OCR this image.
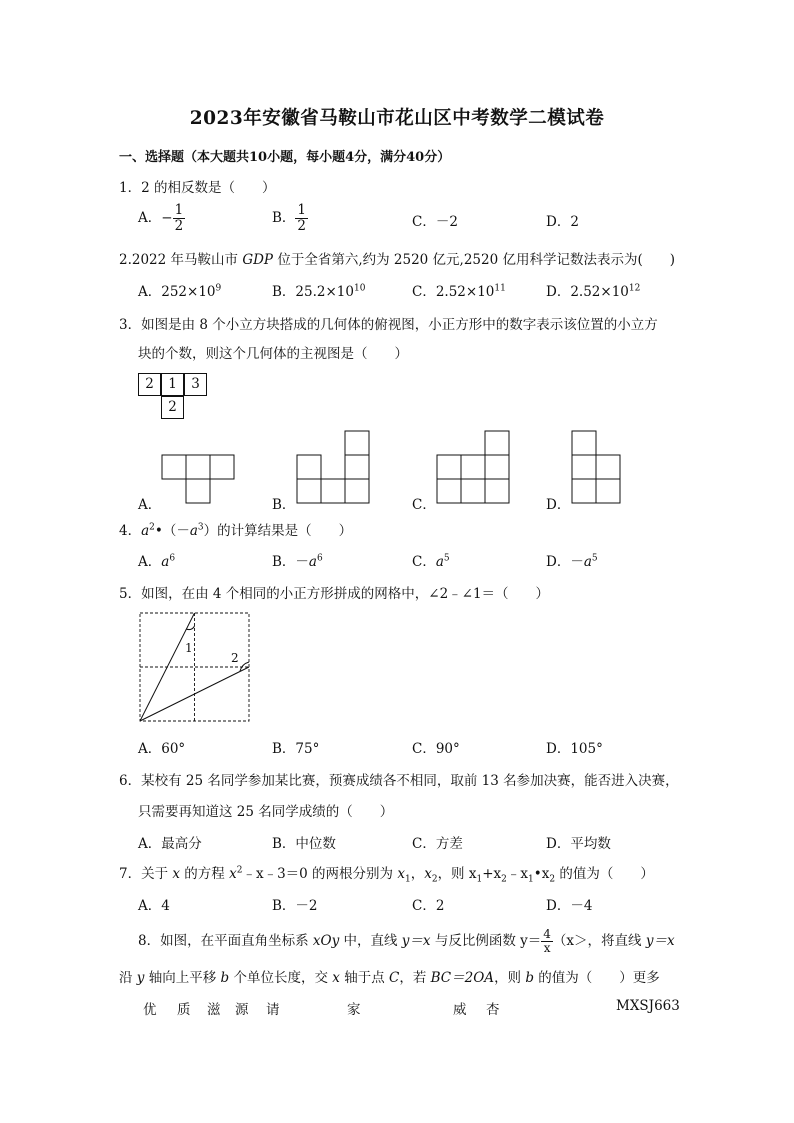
2023年安徽省马鞍山市花山区中考数学二模试卷
一、选择题（本大题共10小题，每小题4分，满分40分）
1．2 的相反数是（　　）
A．− $\frac{1}{2}$	B． $\frac{1}{2}$	C．－2	D．2
2.2022 年马鞍山市 GDP 位于全省第六,约为 2520 亿元,2520 亿用科学记数法表示为(　　)
A．$252\times 10^9$	B．$25.2\times 10^{10}$	C．$2.52\times 10^{11}$	D．$2.52\times 10^{12}$
3．如图是由 8 个小立方块搭成的几何体的俯视图，小正方形中的数字表示该位置的小立方
块的个数，则这个几何体的主视图是（　　）
2	1	3
2
A．	B．	C．	D．
4．$a^2•(-a^3)$的计算结果是（　　）
A．$a^6$	B．$-a^6$	C．$a^5$	D．$-a^5$
5．如图，在由 4 个相同的小正方形拼成的网格中，∠2﹣∠1＝（　　）
1
2
A．60°	B．75°	C．90°	D．105°
6．某校有 25 名同学参加某比赛，预赛成绩各不相同，取前 13 名参加决赛，能否进入决赛，
只需要再知道这 25 名同学成绩的（　　）
A．最高分	B．中位数	C．方差	D．平均数
7．关于 x 的方程 $x^2﹣x﹣3=0$ 的两根分别为 $x_1$，$x_2$，则 $x_1+x_2﹣x_1•x_2$ 的值为（　　）
A．4	B．－2	C．2	D．－4
8．如图，在平面直角坐标系 xOy 中，直线 y＝x 与反比例函数 $y= \frac{4}{x} (x>$，将直线 y＝x
沿 y 轴向上平移 b 个单位长度，交 x 轴于点 C，若 BC＝2OA，则 b 的值为（　　）更多
优 质 滋 源 请	家	威 杏	MXSJ663
